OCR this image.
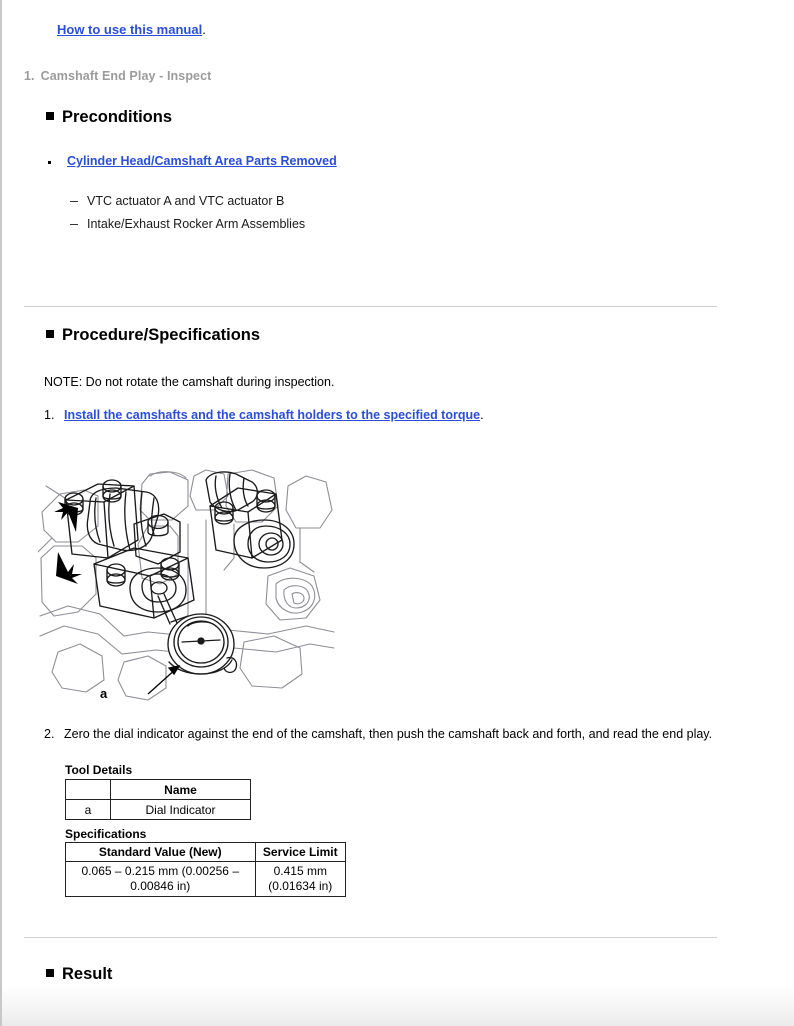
How to use this manual.
1. Camshaft End Play - Inspect
Preconditions
Cylinder Head/Camshaft Area Parts Removed
VTC actuator A and VTC actuator B
Intake/Exhaust Rocker Arm Assemblies
Procedure/Specifications
NOTE: Do not rotate the camshaft during inspection.
1. Install the camshafts and the camshaft holders to the specified torque.
a
2. Zero the dial indicator against the end of the camshaft, then push the camshaft back and forth, and read the end play.
Tool Details
	Name
a	Dial Indicator
Specifications
Standard Value (New)	Service Limit
0.065 – 0.215 mm (0.00256 – 0.00846 in)	0.415 mm (0.01634 in)
Result
